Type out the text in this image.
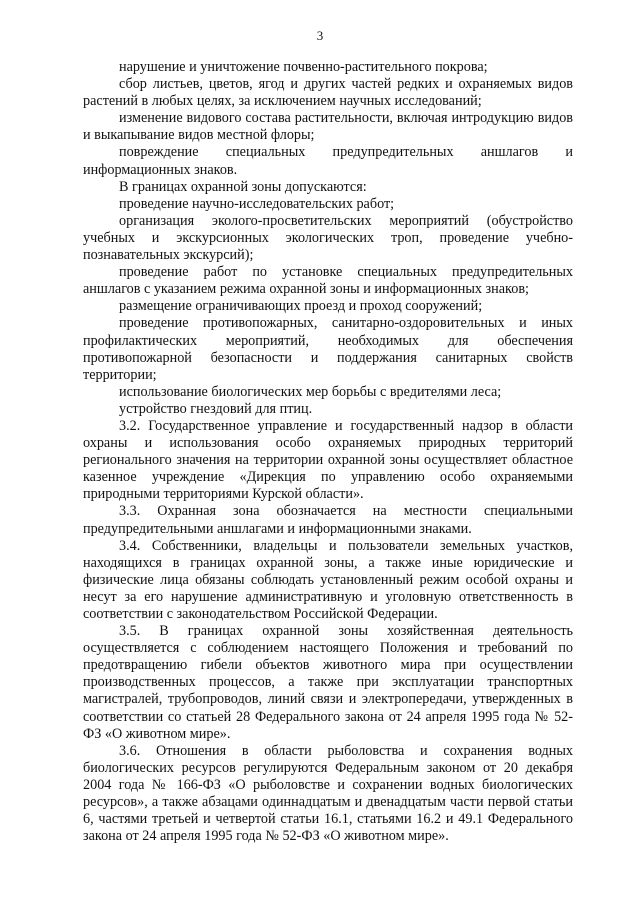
3

нарушение и уничтожение почвенно-растительного покрова;

сбор листьев, цветов, ягод и других частей редких и охраняемых видов растений в любых целях, за исключением научных исследований;

изменение видового состава растительности, включая интродукцию видов и выкапывание видов местной флоры;

повреждение специальных предупредительных аншлагов и информационных знаков.

В границах охранной зоны допускаются:

проведение научно-исследовательских работ;

организация эколого-просветительских мероприятий (обустройство учебных и экскурсионных экологических троп, проведение учебно-познавательных экскурсий);

проведение работ по установке специальных предупредительных аншлагов с указанием режима охранной зоны и информационных знаков;

размещение ограничивающих проезд и проход сооружений;

проведение противопожарных, санитарно-оздоровительных и иных профилактических мероприятий, необходимых для обеспечения противопожарной безопасности и поддержания санитарных свойств территории;

использование биологических мер борьбы с вредителями леса;

устройство гнездовий для птиц.

3.2. Государственное управление и государственный надзор в области охраны и использования особо охраняемых природных территорий регионального значения на территории охранной зоны осуществляет областное казенное учреждение «Дирекция по управлению особо охраняемыми природными территориями Курской области».

3.3. Охранная зона обозначается на местности специальными предупредительными аншлагами и информационными знаками.

3.4. Собственники, владельцы и пользователи земельных участков, находящихся в границах охранной зоны, а также иные юридические и физические лица обязаны соблюдать установленный режим особой охраны и несут за его нарушение административную и уголовную ответственность в соответствии с законодательством Российской Федерации.

3.5. В границах охранной зоны хозяйственная деятельность осуществляется с соблюдением настоящего Положения и требований по предотвращению гибели объектов животного мира при осуществлении производственных процессов, а также при эксплуатации транспортных магистралей, трубопроводов, линий связи и электропередачи, утвержденных в соответствии со статьей 28 Федерального закона от 24 апреля 1995 года № 52-ФЗ «О животном мире».

3.6. Отношения в области рыболовства и сохранения водных биологических ресурсов регулируются Федеральным законом от 20 декабря 2004 года № 166-ФЗ «О рыболовстве и сохранении водных биологических ресурсов», а также абзацами одиннадцатым и двенадцатым части первой статьи 6, частями третьей и четвертой статьи 16.1, статьями 16.2 и 49.1 Федерального закона от 24 апреля 1995 года № 52-ФЗ «О животном мире».
